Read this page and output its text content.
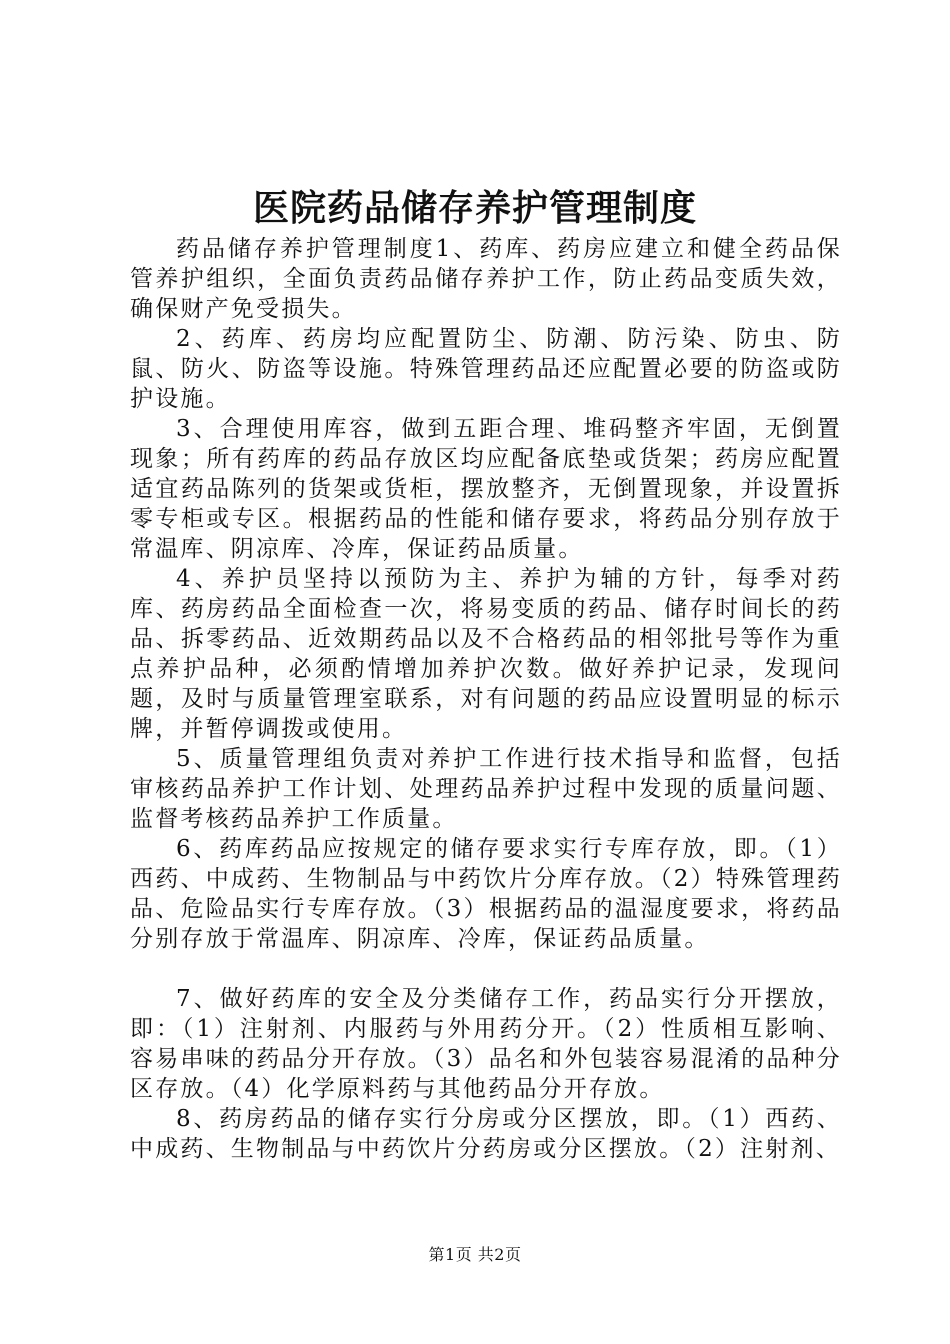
医院药品储存养护管理制度

药品储存养护管理制度1、药库、药房应建立和健全药品保管养护组织，全面负责药品储存养护工作，防止药品变质失效，确保财产免受损失。

2、药库、药房均应配置防尘、防潮、防污染、防虫、防鼠、防火、防盗等设施。特殊管理药品还应配置必要的防盗或防护设施。

3、合理使用库容，做到五距合理、堆码整齐牢固，无倒置现象；所有药库的药品存放区均应配备底垫或货架；药房应配置适宜药品陈列的货架或货柜，摆放整齐，无倒置现象，并设置拆零专柜或专区。根据药品的性能和储存要求，将药品分别存放于常温库、阴凉库、冷库，保证药品质量。

4、养护员坚持以预防为主、养护为辅的方针，每季对药库、药房药品全面检查一次，将易变质的药品、储存时间长的药品、拆零药品、近效期药品以及不合格药品的相邻批号等作为重点养护品种，必须酌情增加养护次数。做好养护记录，发现问题，及时与质量管理室联系，对有问题的药品应设置明显的标示牌，并暂停调拨或使用。

5、质量管理组负责对养护工作进行技术指导和监督，包括审核药品养护工作计划、处理药品养护过程中发现的质量问题、监督考核药品养护工作质量。

6、药库药品应按规定的储存要求实行专库存放，即。（1）西药、中成药、生物制品与中药饮片分库存放。（2）特殊管理药品、危险品实行专库存放。（3）根据药品的温湿度要求，将药品分别存放于常温库、阴凉库、冷库，保证药品质量。

7、做好药库的安全及分类储存工作，药品实行分开摆放，即：（1）注射剂、内服药与外用药分开。（2）性质相互影响、容易串味的药品分开存放。（3）品名和外包装容易混淆的品种分区存放。（4）化学原料药与其他药品分开存放。

8、药房药品的储存实行分房或分区摆放，即。（1）西药、中成药、生物制品与中药饮片分药房或分区摆放。（2）注射剂、

第1页 共2页
